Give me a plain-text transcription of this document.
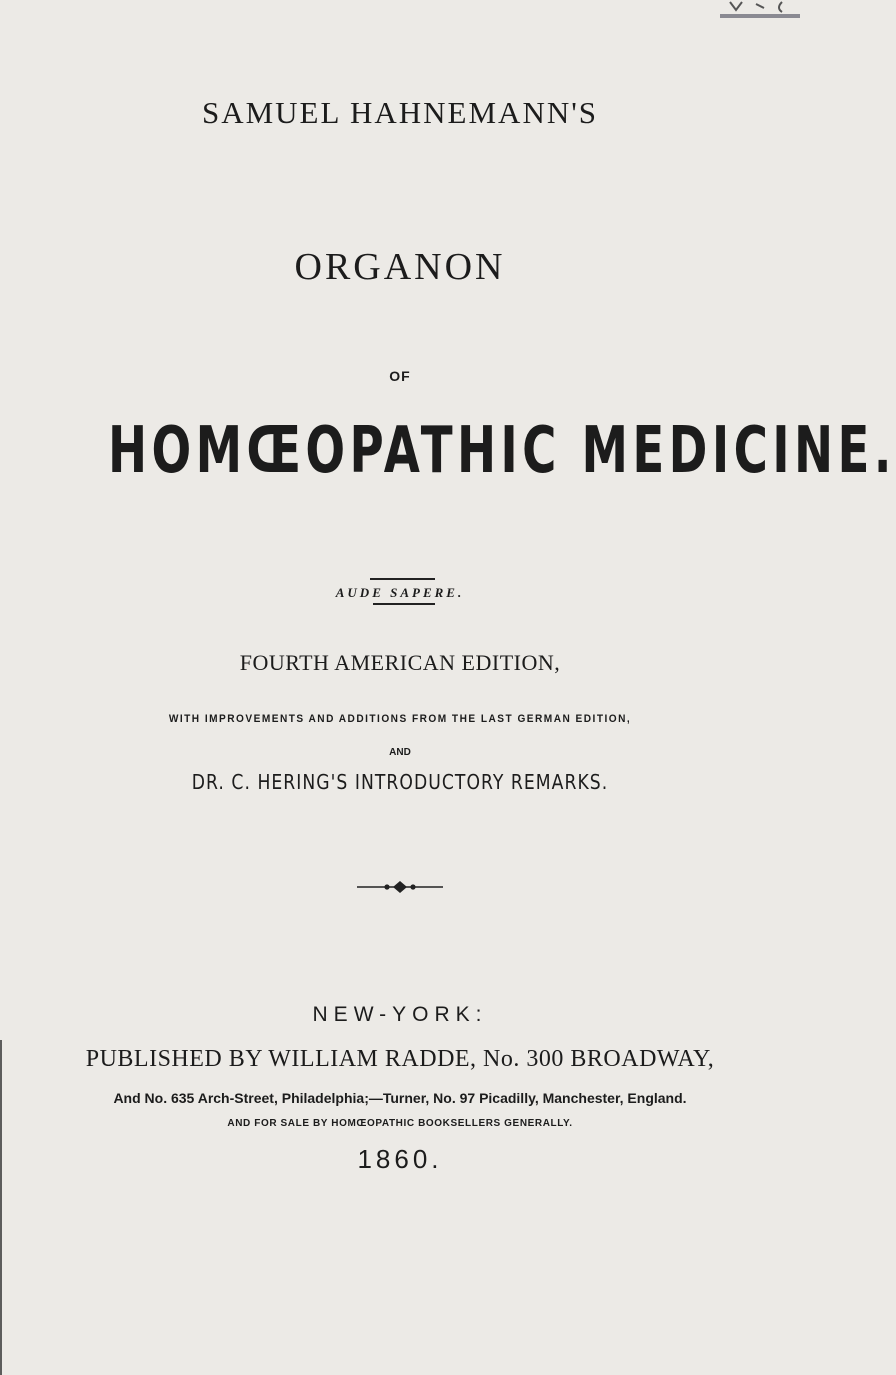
SAMUEL HAHNEMANN'S
ORGANON
OF
HOMŒOPATHIC MEDICINE.
AUDE SAPERE.
FOURTH AMERICAN EDITION,
WITH IMPROVEMENTS AND ADDITIONS FROM THE LAST GERMAN EDITION,
AND
DR. C. HERING'S INTRODUCTORY REMARKS.
NEW-YORK:
PUBLISHED BY WILLIAM RADDE, No. 300 BROADWAY,
And No. 635 Arch-Street, Philadelphia;—Turner, No. 97 Picadilly, Manchester, England.
AND FOR SALE BY HOMŒOPATHIC BOOKSELLERS GENERALLY.
1860.
